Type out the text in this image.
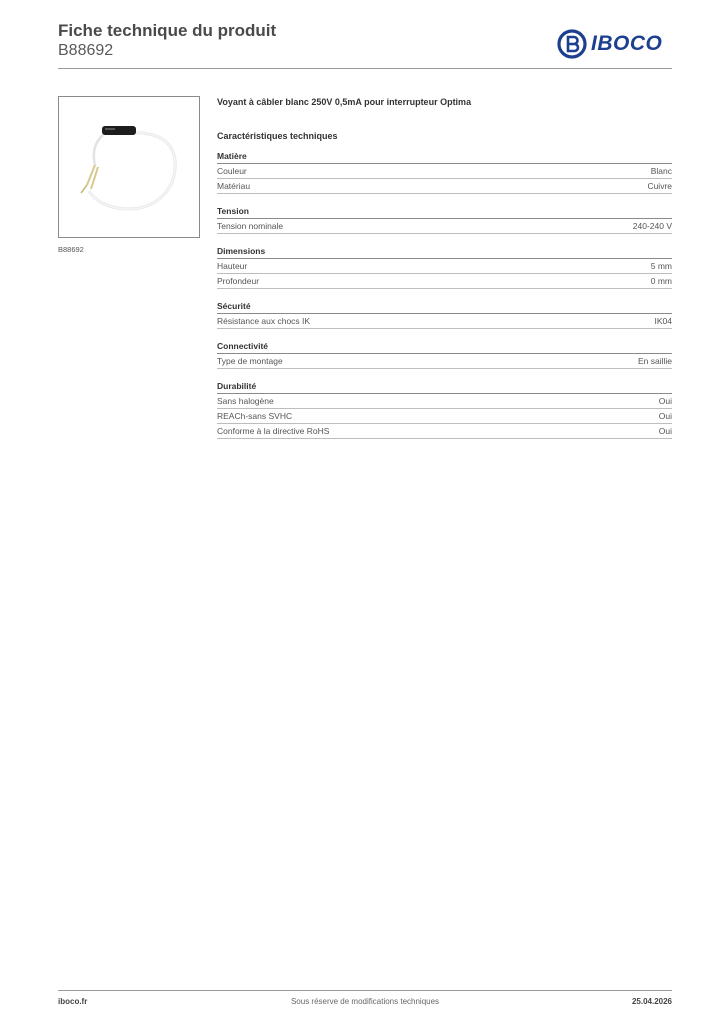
Fiche technique du produit
B88692	IBOCO
B88692
Voyant à câbler blanc 250V 0,5mA pour interrupteur Optima
Caractéristiques techniques
Matière
Couleur	Blanc
Matériau	Cuivre
Tension
Tension nominale	240-240 V
Dimensions
Hauteur	5 mm
Profondeur	0 mm
Sécurité
Résistance aux chocs IK	IK04
Connectivité
Type de montage	En saillie
Durabilité
Sans halogène	Oui
REACh-sans SVHC	Oui
Conforme à la directive RoHS	Oui
iboco.fr	Sous réserve de modifications techniques	25.04.2026
